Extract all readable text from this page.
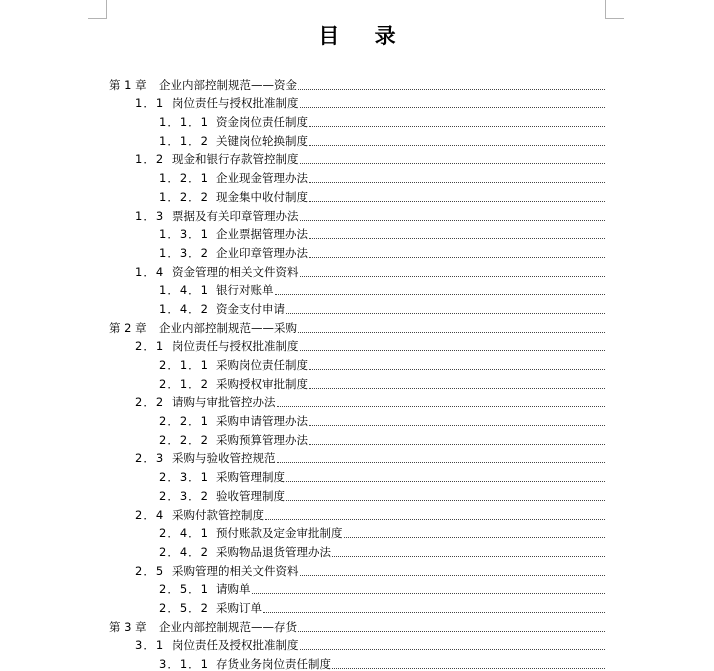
目 录
第 1 章	企业内部控制规范——资金
1．1 岗位责任与授权批准制度
1．1．1 资金岗位责任制度
1．1．2 关键岗位轮换制度
1．2 现金和银行存款管控制度
1．2．1 企业现金管理办法
1．2．2 现金集中收付制度
1．3 票据及有关印章管理办法
1．3．1 企业票据管理办法
1．3．2 企业印章管理办法
1．4 资金管理的相关文件资料
1．4．1 银行对账单
1．4．2 资金支付申请
第 2 章	企业内部控制规范——采购
2．1 岗位责任与授权批准制度
2．1．1 采购岗位责任制度
2．1．2 采购授权审批制度
2．2 请购与审批管控办法
2．2．1 采购申请管理办法
2．2．2 采购预算管理办法
2．3 采购与验收管控规范
2．3．1 采购管理制度
2．3．2 验收管理制度
2．4 采购付款管控制度
2．4．1 预付账款及定金审批制度
2．4．2 采购物品退货管理办法
2．5 采购管理的相关文件资料
2．5．1 请购单
2．5．2 采购订单
第 3 章	企业内部控制规范——存货
3．1 岗位责任及授权批准制度
3．1．1 存货业务岗位责任制度
